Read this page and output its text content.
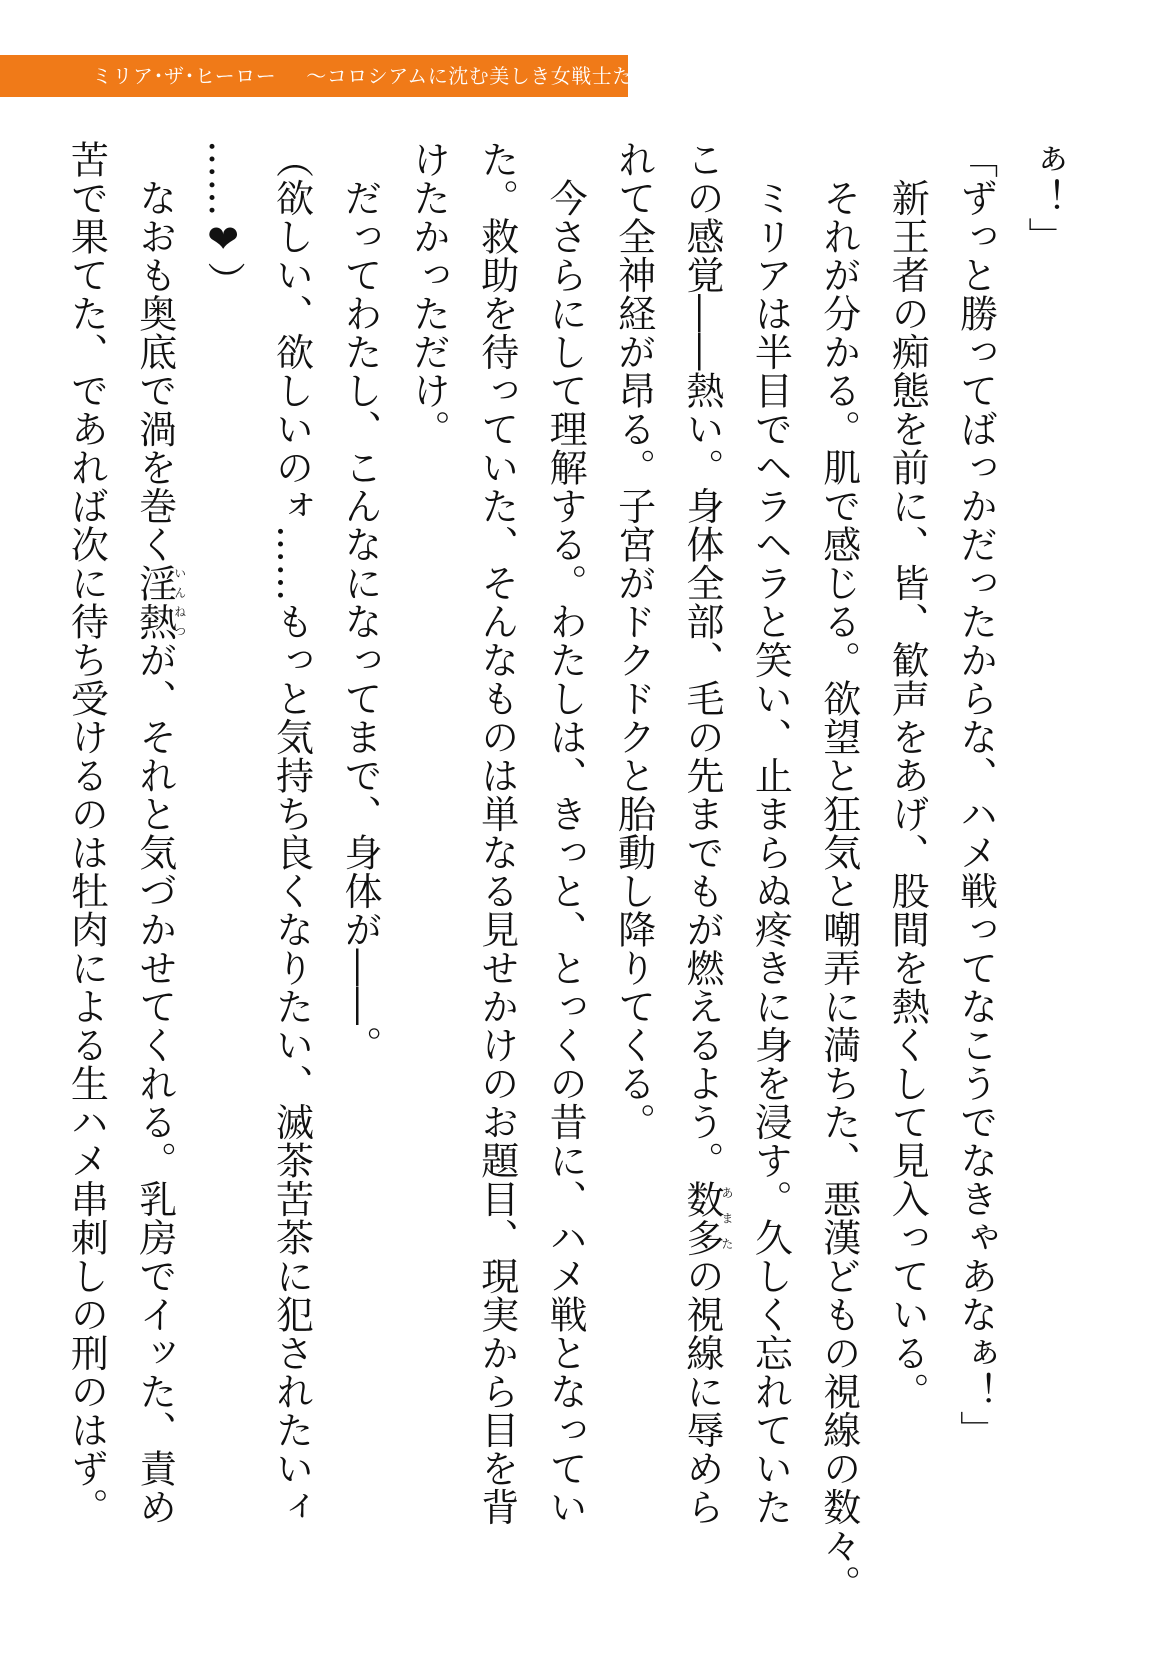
ミリア･ザ･ヒーロー ～コロシアムに沈む美しき女戦士たち～
ぁ！」
「ずっと勝ってばっかだったからな、ハメ戦ってなこうでなきゃあなぁ！」
　新王者の痴態を前に、皆、歓声をあげ、股間を熱くして見入っている。
　それが分かる。肌で感じる。欲望と狂気と嘲弄に満ちた、悪漢どもの視線の数々。
　ミリアは半目でヘラヘラと笑い、止まらぬ疼きに身を浸す。久しく忘れていた
この感覚――熱い。身体全部、毛の先までもが燃えるよう。数多あまたの視線に辱めら
れて全神経が昂る。子宮がドクドクと胎動し降りてくる。
　今さらにして理解する。わたしは、きっと、とっくの昔に、ハメ戦となってい
た。救助を待っていた、そんなものは単なる見せかけのお題目、現実から目を背
けたかっただけ。
　だってわたし、こんなになってまで、身体が――。
（欲しい、欲しいのォ……もっと気持ち良くなりたい、滅茶苦茶に犯されたいィ
……❤）
　なおも奥底で渦を巻く淫熱いんねつが、それと気づかせてくれる。乳房でイッた、責め
苦で果てた、であれば次に待ち受けるのは牡肉による生ハメ串刺しの刑のはず。
